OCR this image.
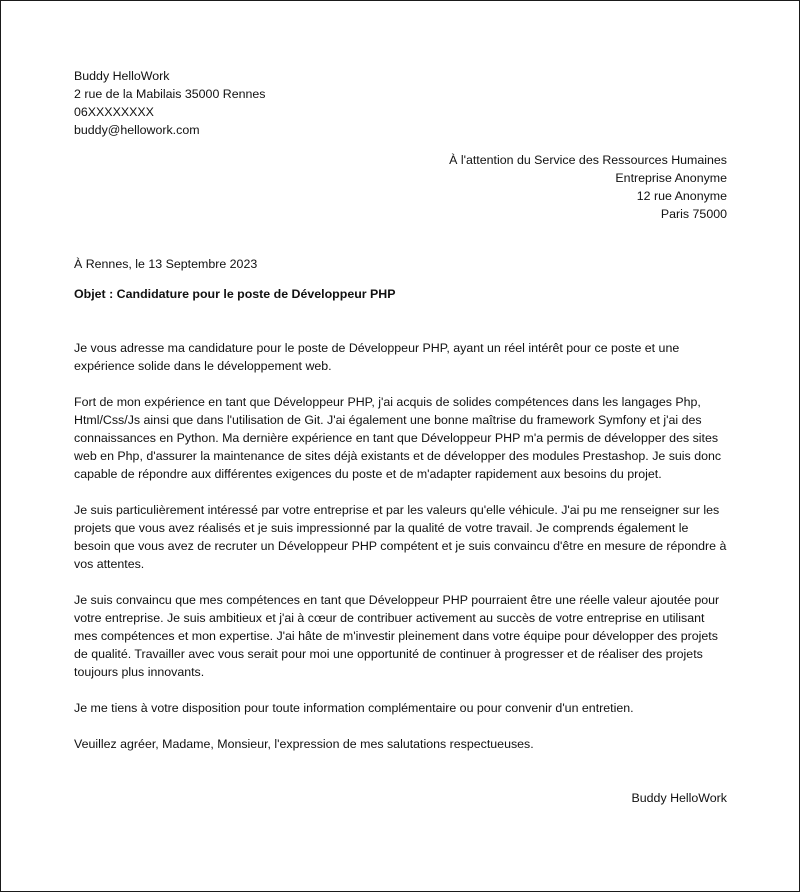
Buddy HelloWork
2 rue de la Mabilais 35000 Rennes
06XXXXXXXX
buddy@hellowork.com
À l'attention du Service des Ressources Humaines
Entreprise Anonyme
12 rue Anonyme
Paris 75000
À Rennes, le 13 Septembre 2023
Objet : Candidature pour le poste de Développeur PHP

Je vous adresse ma candidature pour le poste de Développeur PHP, ayant un réel intérêt pour ce poste et une expérience solide dans le développement web.

Fort de mon expérience en tant que Développeur PHP, j'ai acquis de solides compétences dans les langages Php, Html/Css/Js ainsi que dans l'utilisation de Git. J'ai également une bonne maîtrise du framework Symfony et j'ai des connaissances en Python. Ma dernière expérience en tant que Développeur PHP m'a permis de développer des sites web en Php, d'assurer la maintenance de sites déjà existants et de développer des modules Prestashop. Je suis donc capable de répondre aux différentes exigences du poste et de m'adapter rapidement aux besoins du projet.

Je suis particulièrement intéressé par votre entreprise et par les valeurs qu'elle véhicule. J'ai pu me renseigner sur les projets que vous avez réalisés et je suis impressionné par la qualité de votre travail. Je comprends également le besoin que vous avez de recruter un Développeur PHP compétent et je suis convaincu d'être en mesure de répondre à vos attentes.

Je suis convaincu que mes compétences en tant que Développeur PHP pourraient être une réelle valeur ajoutée pour votre entreprise. Je suis ambitieux et j'ai à cœur de contribuer activement au succès de votre entreprise en utilisant mes compétences et mon expertise. J'ai hâte de m'investir pleinement dans votre équipe pour développer des projets de qualité. Travailler avec vous serait pour moi une opportunité de continuer à progresser et de réaliser des projets toujours plus innovants.

Je me tiens à votre disposition pour toute information complémentaire ou pour convenir d'un entretien.

Veuillez agréer, Madame, Monsieur, l'expression de mes salutations respectueuses.

Buddy HelloWork
